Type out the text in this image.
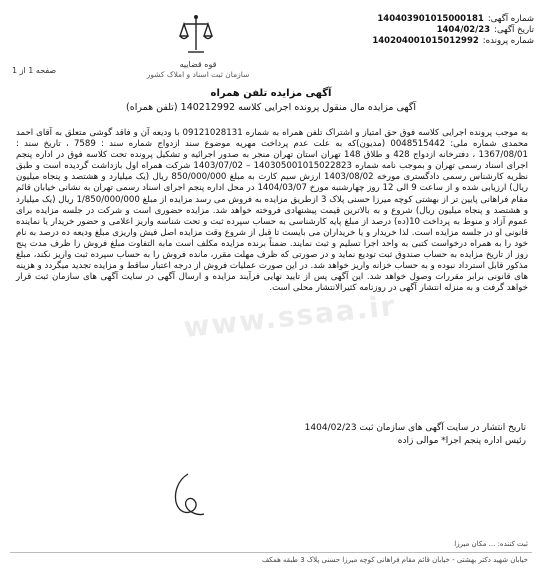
شماره آگهی:
140403901015000181
تاریخ آگهی:
1404/02/23
شماره پرونده:
140204001015012992
قوه قضاییه
سازمان ثبت اسناد و املاک کشور
صفحه 1 از 1
آگهی مزایده تلفن همراه
آگهی مزایده مال منقول پرونده اجرایی کلاسه 140212992 (تلفن همراه)
به موجب پرونده اجرایی کلاسه فوق حق امتیاز و اشتراک تلفن همراه به شماره 09121028131 با ودیعه آن و فاقد گوشی متعلق به آقای احمد محمدی شماره ملی: 0048515442 (مدیون)که به علت عدم پرداخت مهریه موضوع سند ازدواج شماره سند : 7589 ، تاریخ سند : 1367/08/01 ، دفترخانه ازدواج 428 و طلاق 148 تهران استان تهران منجر به صدور اجرائیه و تشکیل پرونده تحت کلاسه فوق در اداره پنجم اجرای اسناد رسمی تهران و بموجب نامه شماره 140305001015022823 – 1403/07/02 شرکت همراه اول بازداشت گردیده است و طبق نظریه کارشناس رسمی دادگستری مورخه 1403/08/02 ارزش سیم کارت به مبلغ 850/000/000 ریال (یک میلیارد و هشتصد و پنجاه میلیون ریال) ارزیابی شده و از ساعت 9 الی 12 روز چهارشنبه مورخ 1404/03/07 در محل اداره پنجم اجرای اسناد رسمی تهران به نشانی خیابان قائم مقام فراهانی پایین تر از بهشتی کوچه میرزا حسنی پلاک 3 ازطریق مزایده به فروش می رسد مزایده از مبلغ 1/850/000/000 ریال (یک میلیارد و هشتصد و پنجاه میلیون ریال) شروع و به بالاترین قیمت پیشنهادی فروخته خواهد شد. مزایده حضوری است و شرکت در جلسه مزایده برای عموم آزاد و منوط به پرداخت 10(ده) درصد از مبلغ پایه کارشناسی به حساب سپرده ثبت و تحت شناسه واریز اعلامی و حضور خریدار یا نماینده قانونی او در جلسه مزایده است. لذا خریدار و یا خریداران می بایست تا قبل از شروع وقت مزایده اصل فیش واریزی مبلغ ودیعه ده درصد به نام خود را به همراه درخواست کتبی به واحد اجرا تسلیم و ثبت نمایند. ضمناً برنده مزایده مکلف است مابه التفاوت مبلغ فروش را ظرف مدت پنج روز از تاریخ مزایده به حساب صندوق ثبت تودیع نماید و در صورتی که ظرف مهلت مقرر، مانده فروش را به حساب سپرده ثبت واریز نکند، مبلغ مذکور قابل استرداد نبوده و به حساب خزانه واریز خواهد شد. در این صورت عملیات فروش از درجه اعتبار ساقط و مزایده تجدید میگردد و هزینه های قانونی برابر مقررات وصول خواهد شد. این آگهی پس از تایید نهایی فرآیند مزایده و ارسال آگهی در سایت آگهی های سازمان ثبت قرار خواهد گرفت و به منزله انتشار آگهی در روزنامه کثیرالانتشار محلی است.
www.ssaa.ir
تاریخ انتشار در سایت آگهی های سازمان ثبت 1404/02/23
رئیس اداره پنجم اجرا* موالی زاده
ثبت کننده: ... مکان میرزا
خیابان شهید دکتر بهشتی - خیابان قائم مقام فراهانی کوچه میرزا حسنی پلاک 3 طبقه همکف
